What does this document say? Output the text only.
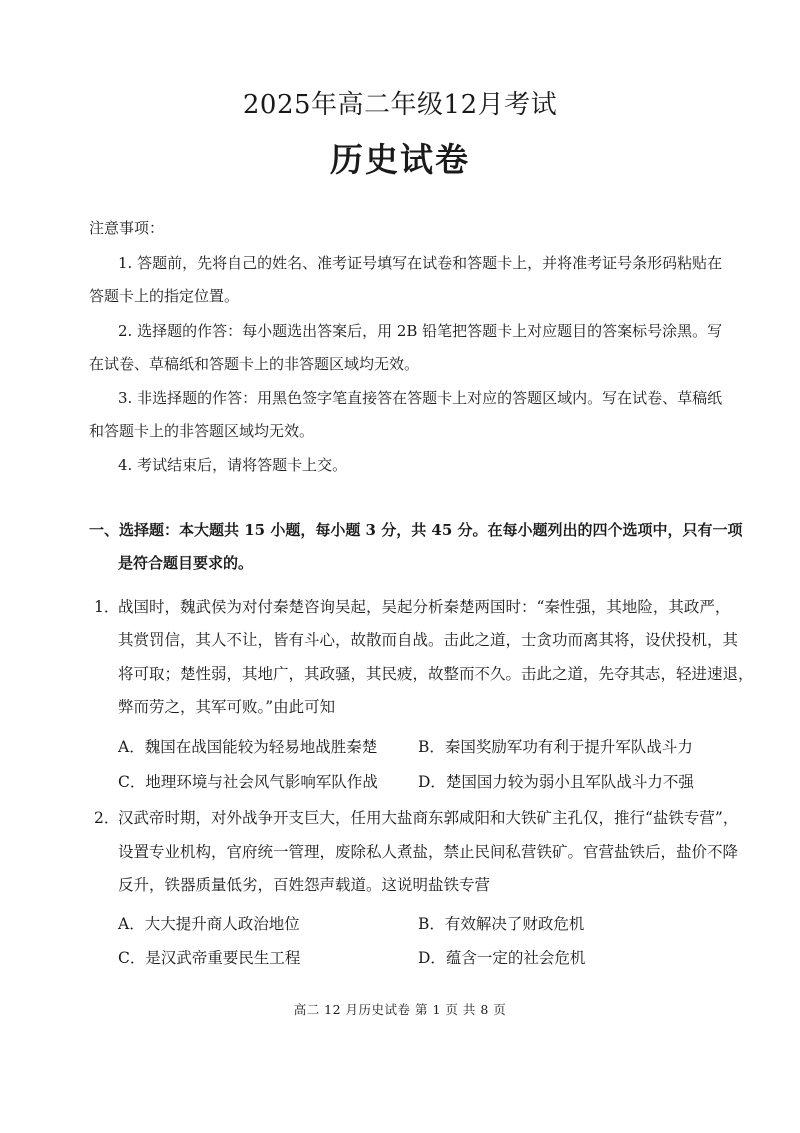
2025年高二年级12月考试
历史试卷
注意事项：
1. 答题前，先将自己的姓名、准考证号填写在试卷和答题卡上，并将准考证号条形码粘贴在
答题卡上的指定位置。
2. 选择题的作答：每小题选出答案后，用 2B 铅笔把答题卡上对应题目的答案标号涂黑。写
在试卷、草稿纸和答题卡上的非答题区域均无效。
3. 非选择题的作答：用黑色签字笔直接答在答题卡上对应的答题区域内。写在试卷、草稿纸
和答题卡上的非答题区域均无效。
4. 考试结束后，请将答题卡上交。
一、选择题：本大题共 15 小题，每小题 3 分，共 45 分。在每小题列出的四个选项中，只有一项
是符合题目要求的。
1．
战国时，魏武侯为对付秦楚咨询吴起，吴起分析秦楚两国时：“秦性强，其地险，其政严，
其赏罚信，其人不让，皆有斗心，故散而自战。击此之道，士贪功而离其将，设伏投机，其
将可取；楚性弱，其地广，其政骚，其民疲，故整而不久。击此之道，先夺其志，轻进速退，
弊而劳之，其军可败。”由此可知
A．魏国在战国能较为轻易地战胜秦楚	B．秦国奖励军功有利于提升军队战斗力
C．地理环境与社会风气影响军队作战	D．楚国国力较为弱小且军队战斗力不强
2．
汉武帝时期，对外战争开支巨大，任用大盐商东郭咸阳和大铁矿主孔仅，推行“盐铁专营”，
设置专业机构，官府统一管理，废除私人煮盐，禁止民间私营铁矿。官营盐铁后，盐价不降
反升，铁器质量低劣，百姓怨声载道。这说明盐铁专营
A．大大提升商人政治地位	B．有效解决了财政危机
C．是汉武帝重要民生工程	D．蕴含一定的社会危机
高二 12 月历史试卷 第 1 页 共 8 页
